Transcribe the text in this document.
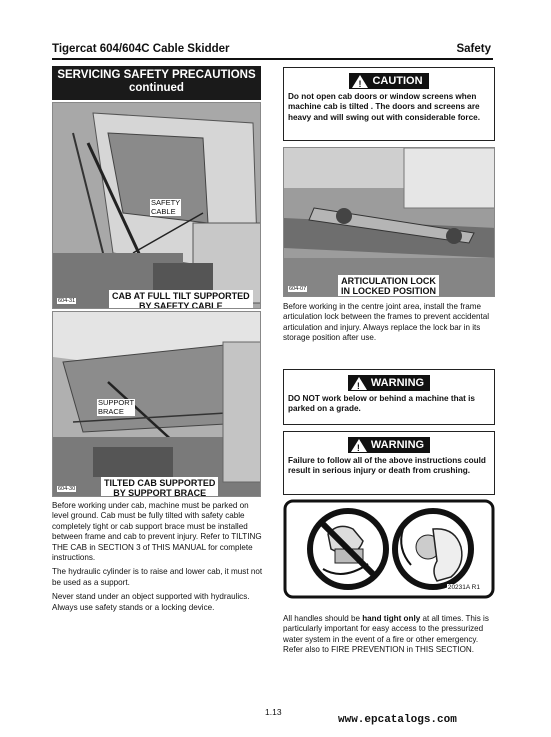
Tigercat 604/604C Cable Skidder	Safety
SERVICING SAFETY PRECAUTIONS
continued
SAFETY
CABLE
604-31	CAB AT FULL TILT SUPPORTED
BY SAFETY CABLE
SUPPORT
BRACE
604-30
TILTED CAB SUPPORTED
BY SUPPORT BRACE

Before working under cab, machine must be parked on level ground. Cab must be fully tilted with safety cable completely tight or cab support brace must be installed between frame and cab to prevent injury. Refer to TILTING THE CAB in SECTION 3 of THIS MANUAL for complete instructions.

The hydraulic cylinder is to raise and lower cab, it must not be used as a support.

Never stand under an object supported with hydraulics. Always use safety stands or a locking device.

! CAUTION
Do not open cab doors or window screens when machine cab is tilted . The doors and screens are heavy and will swing out with considerable force.
604-07
ARTICULATION LOCK
IN LOCKED POSITION

Before working in the centre joint area, install the frame articulation lock between the frames to prevent accidental articulation and injury. Always replace the lock bar in its storage position after use.

! WARNING
DO NOT work below or behind a machine that is parked on a grade.
! WARNING
Failure to follow all of the above instructions could result in serious injury or death from crushing.
20231A R1

All handles should be hand tight only at all times. This is particularly important for easy access to the pressurized water system in the event of a fire or other emergency. Refer also to FIRE PREVENTION in THIS SECTION.

1.13
www.epcatalogs.com
